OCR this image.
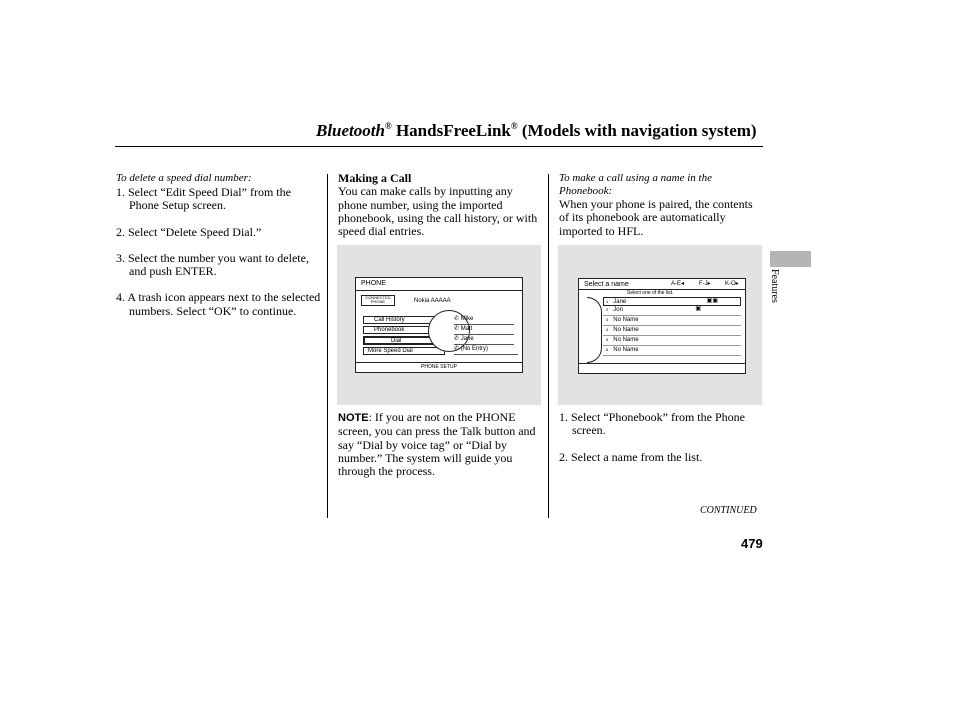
Bluetooth® HandsFreeLink® (Models with navigation system)
To delete a speed dial number:

1. Select “Edit Speed Dial” from the Phone Setup screen.

2. Select “Delete Speed Dial.”

3. Select the number you want to delete, and push ENTER.

4. A trash icon appears next to the selected numbers. Select “OK” to continue.

Making a Call
You can make calls by inputting any phone number, using the imported phonebook, using the call history, or with speed dial entries.
PHONE
CONNECTED PHONE	Nokia AAAAA
Call History
Phonebook
Dial
More Speed Dial
✆ Mike
✆ Matt
✆ Jane
✆ (No Entry)
PHONE SETUP
NOTE: If you are not on the PHONE screen, you can press the Talk button and say “Dial by voice tag” or “Dial by number.” The system will guide you through the process.
To make a call using a name in the Phonebook:
When your phone is paired, the contents of its phonebook are automatically imported to HFL.
Select a name	A-E◂ F-J▸ K-O▸
Select one of the list.
1 Jane	▣▣
2 Jon	▣
3 No Name
4 No Name
5 No Name
6 No Name

1. Select “Phonebook” from the Phone screen.

2. Select a name from the list.

Features
CONTINUED
479
